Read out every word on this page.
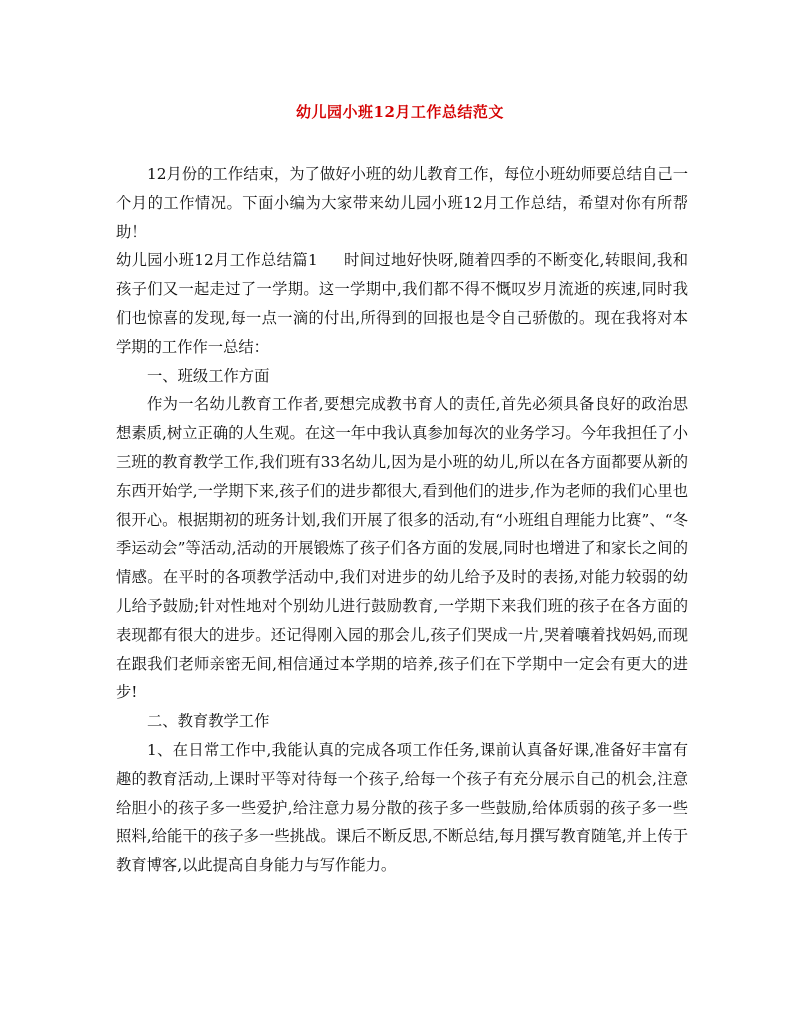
幼儿园小班12月工作总结范文

12月份的工作结束，为了做好小班的幼儿教育工作，每位小班幼师要总结自己一个月的工作情况。下面小编为大家带来幼儿园小班12月工作总结，希望对你有所帮助！

幼儿园小班12月工作总结篇1 时间过地好快呀,随着四季的不断变化,转眼间,我和孩子们又一起走过了一学期。这一学期中,我们都不得不慨叹岁月流逝的疾速,同时我们也惊喜的发现,每一点一滴的付出,所得到的回报也是令自己骄傲的。现在我将对本学期的工作作一总结：

一、班级工作方面

作为一名幼儿教育工作者,要想完成教书育人的责任,首先必须具备良好的政治思想素质,树立正确的人生观。在这一年中我认真参加每次的业务学习。今年我担任了小三班的教育教学工作,我们班有33名幼儿,因为是小班的幼儿,所以在各方面都要从新的东西开始学,一学期下来,孩子们的进步都很大,看到他们的进步,作为老师的我们心里也很开心。根据期初的班务计划,我们开展了很多的活动,有“小班组自理能力比赛”、“冬季运动会”等活动,活动的开展锻炼了孩子们各方面的发展,同时也增进了和家长之间的情感。在平时的各项教学活动中,我们对进步的幼儿给予及时的表扬,对能力较弱的幼儿给予鼓励;针对性地对个别幼儿进行鼓励教育,一学期下来我们班的孩子在各方面的表现都有很大的进步。还记得刚入园的那会儿,孩子们哭成一片,哭着嚷着找妈妈,而现在跟我们老师亲密无间,相信通过本学期的培养,孩子们在下学期中一定会有更大的进步!

二、教育教学工作

1、在日常工作中,我能认真的完成各项工作任务,课前认真备好课,准备好丰富有趣的教育活动,上课时平等对待每一个孩子,给每一个孩子有充分展示自己的机会,注意给胆小的孩子多一些爱护,给注意力易分散的孩子多一些鼓励,给体质弱的孩子多一些照料,给能干的孩子多一些挑战。课后不断反思,不断总结,每月撰写教育随笔,并上传于教育博客,以此提高自身能力与写作能力。
